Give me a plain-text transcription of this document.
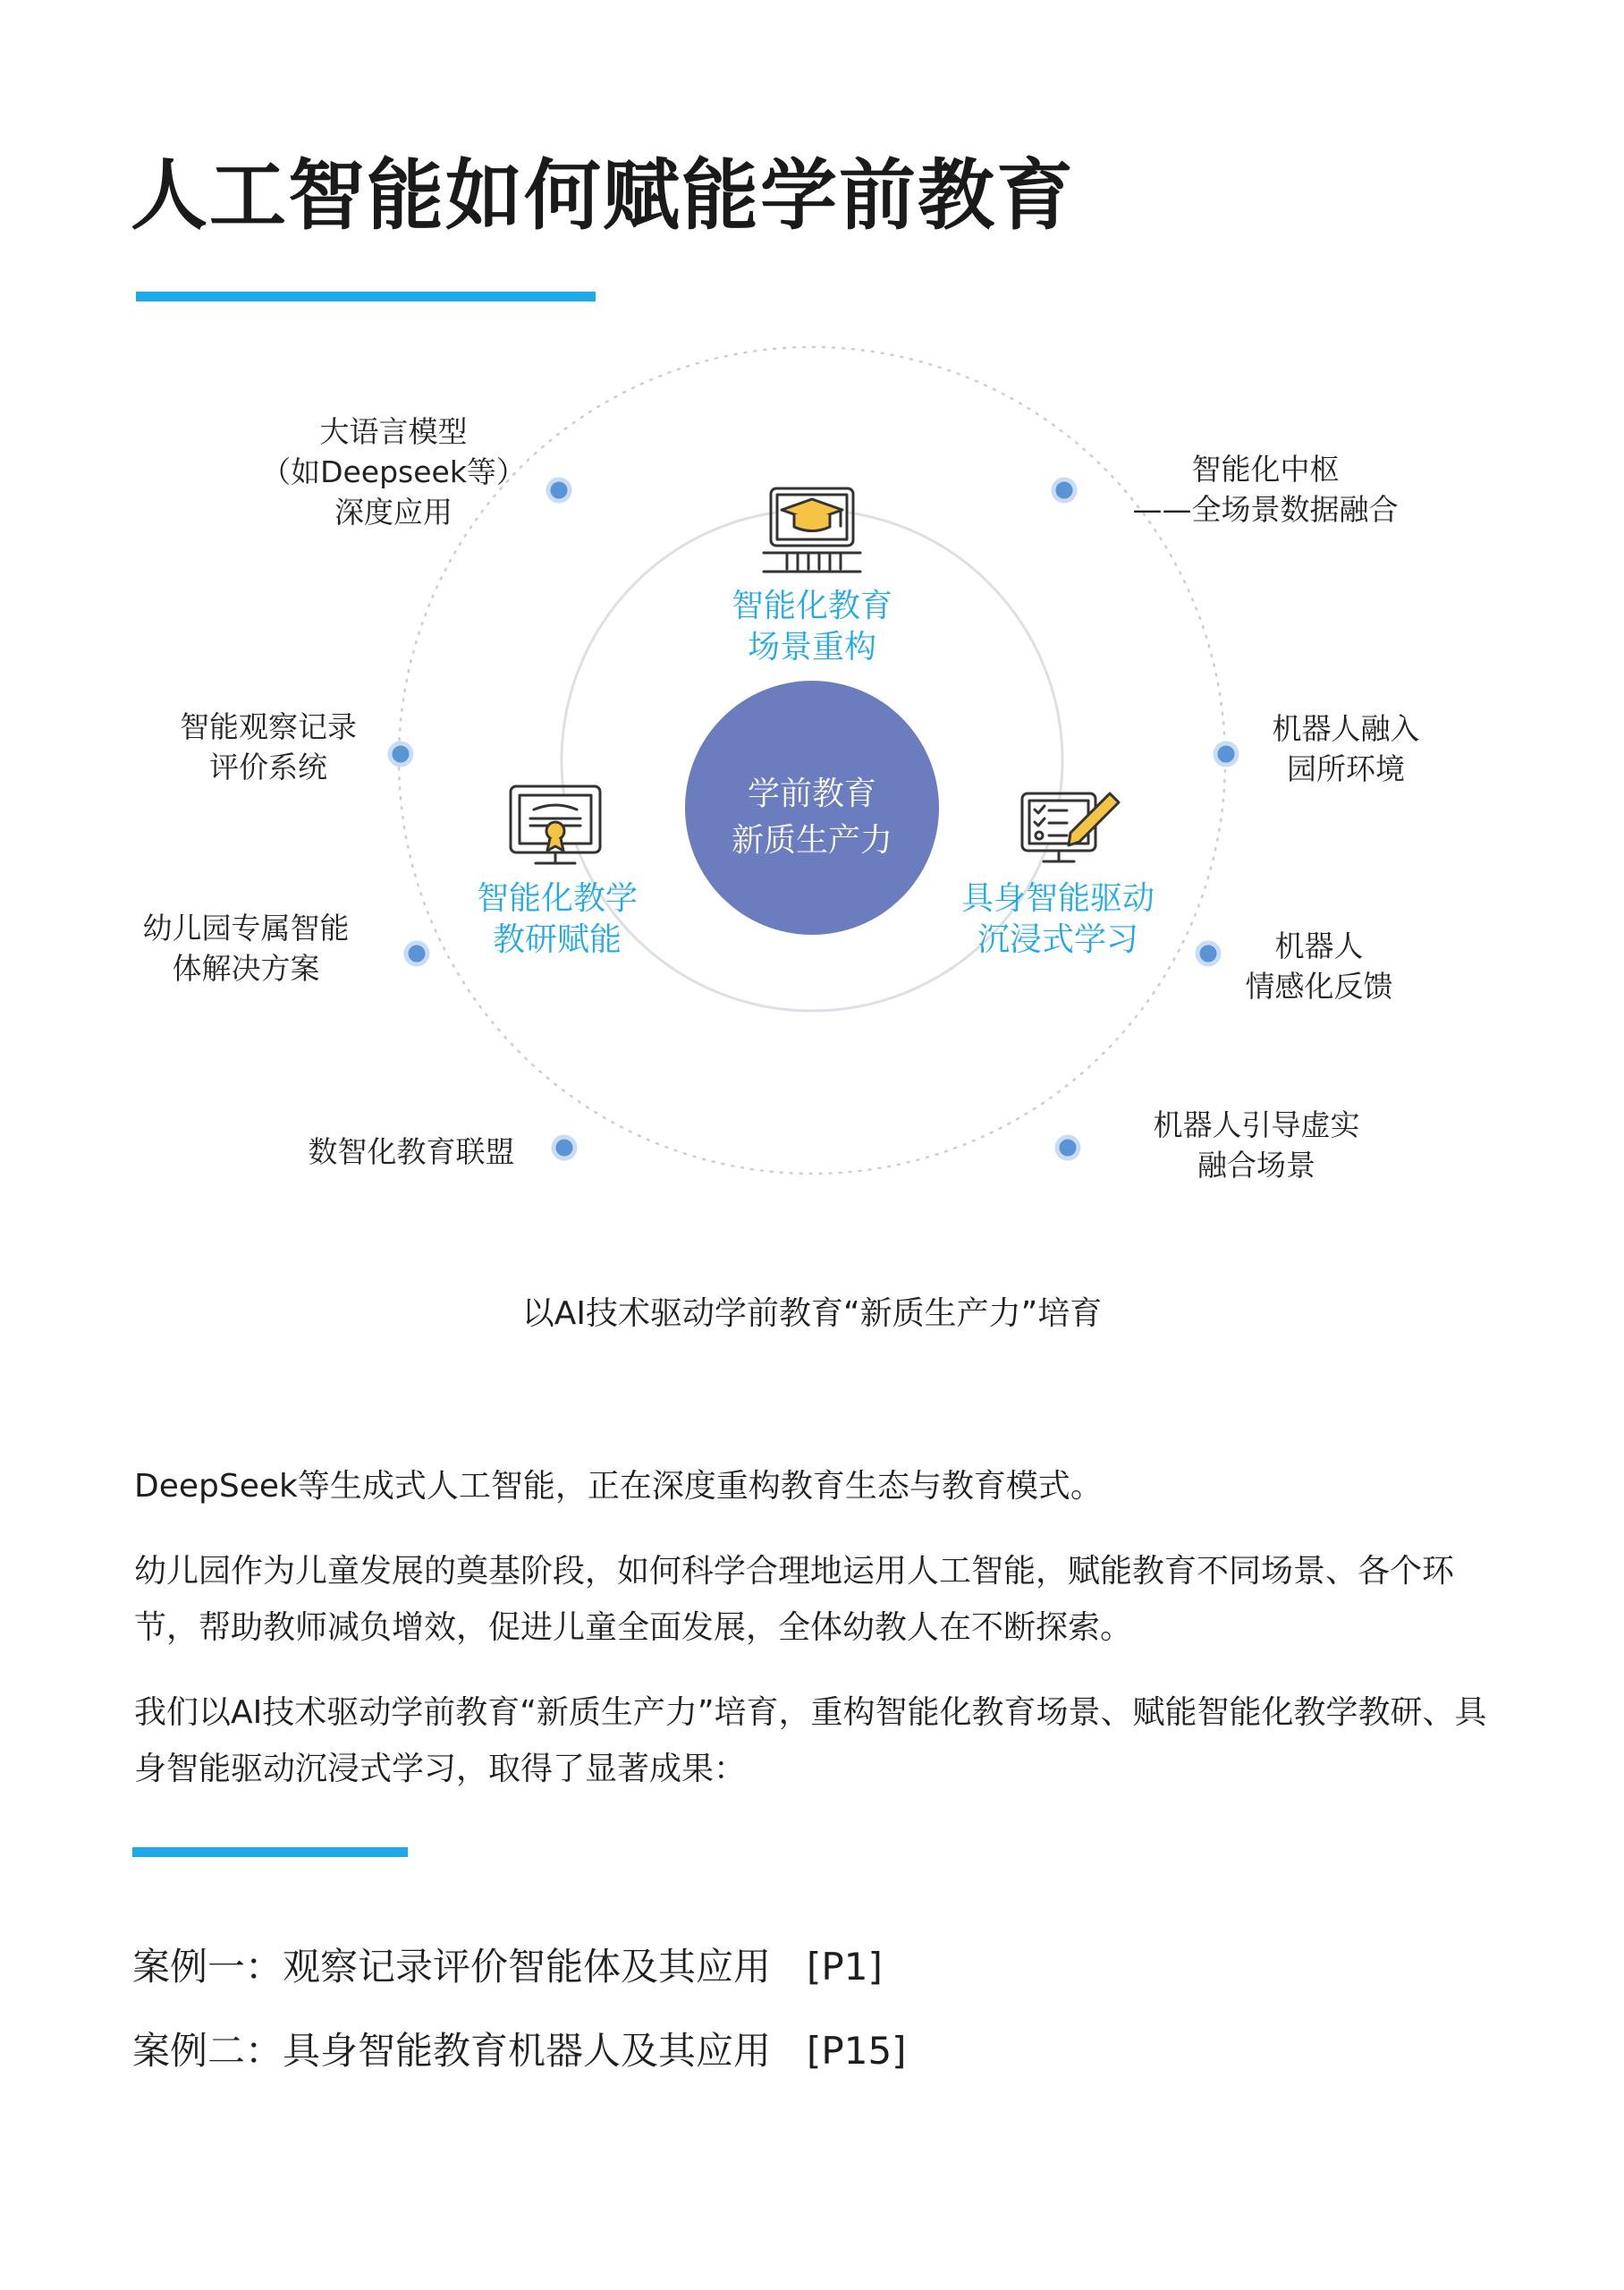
人工智能如何赋能学前教育
学前教育
新质生产力
智能化教育
场景重构
智能化教学
教研赋能
具身智能驱动
沉浸式学习
大语言模型
（如Deepseek等）
深度应用
智能化中枢
——全场景数据融合
智能观察记录
评价系统
机器人融入
园所环境
幼儿园专属智能
体解决方案
机器人
情感化反馈
数智化教育联盟
机器人引导虚实
融合场景
以AI技术驱动学前教育“新质生产力”培育
DeepSeek等生成式人工智能，正在深度重构教育生态与教育模式。
幼儿园作为儿童发展的奠基阶段，如何科学合理地运用人工智能，赋能教育不同场景、各个环节，帮助教师减负增效，促进儿童全面发展，全体幼教人在不断探索。
我们以AI技术驱动学前教育“新质生产力”培育，重构智能化教育场景、赋能智能化教学教研、具身智能驱动沉浸式学习，取得了显著成果：
案例一：观察记录评价智能体及其应用 [P1]
案例二：具身智能教育机器人及其应用 [P15]
